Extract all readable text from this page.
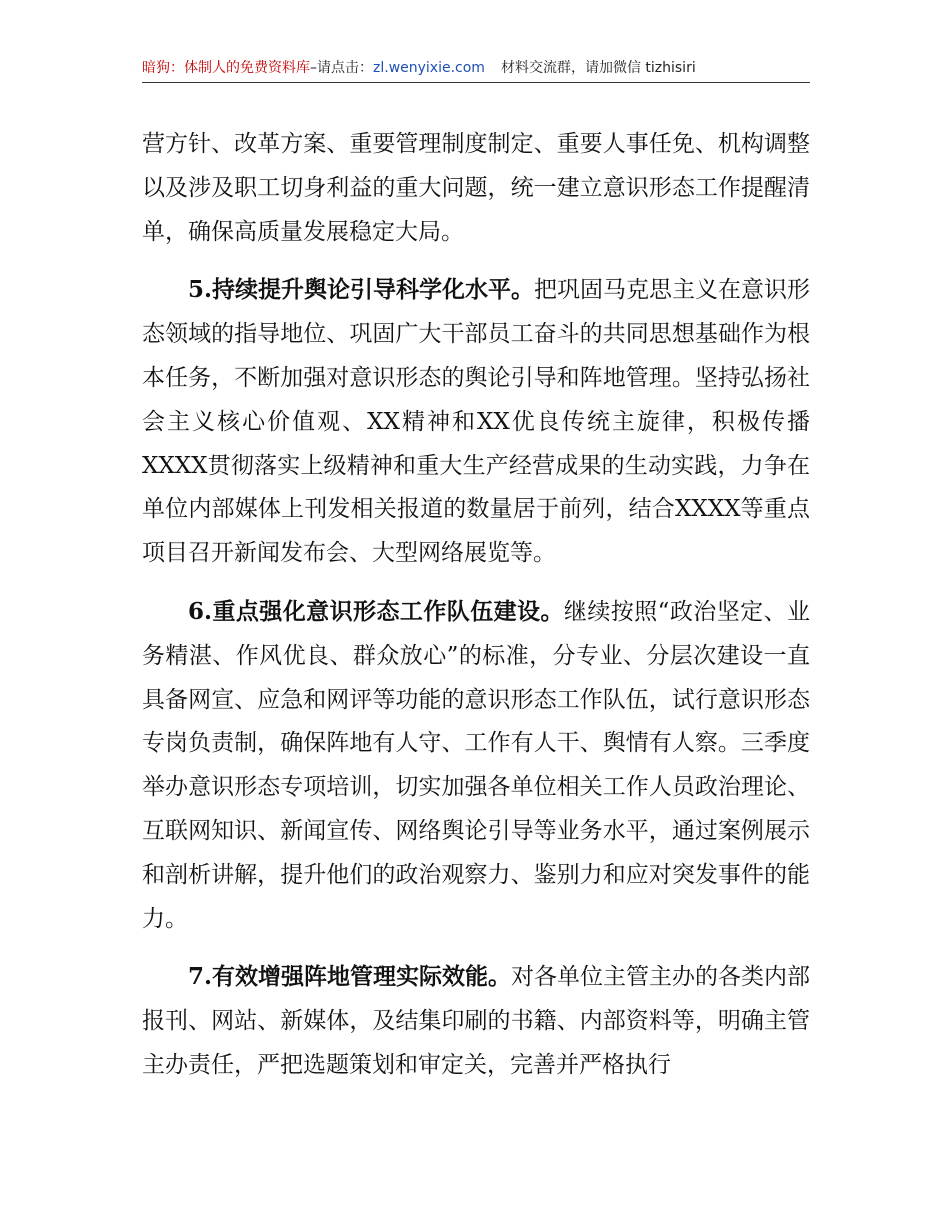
暗狗：体制人的免费资料库–请点击：zl.wenyixie.com 材料交流群，请加微信 tizhisiri

营方针、改革方案、重要管理制度制定、重要人事任免、机构调整以及涉及职工切身利益的重大问题，统一建立意识形态工作提醒清单，确保高质量发展稳定大局。

5.持续提升舆论引导科学化水平。把巩固马克思主义在意识形态领域的指导地位、巩固广大干部员工奋斗的共同思想基础作为根本任务，不断加强对意识形态的舆论引导和阵地管理。坚持弘扬社会主义核心价值观、XX精神和XX优良传统主旋律，积极传播XXXX贯彻落实上级精神和重大生产经营成果的生动实践，力争在单位内部媒体上刊发相关报道的数量居于前列，结合XXXX等重点项目召开新闻发布会、大型网络展览等。

6.重点强化意识形态工作队伍建设。继续按照“政治坚定、业务精湛、作风优良、群众放心”的标准，分专业、分层次建设一直具备网宣、应急和网评等功能的意识形态工作队伍，试行意识形态专岗负责制，确保阵地有人守、工作有人干、舆情有人察。三季度举办意识形态专项培训，切实加强各单位相关工作人员政治理论、互联网知识、新闻宣传、网络舆论引导等业务水平，通过案例展示和剖析讲解，提升他们的政治观察力、鉴别力和应对突发事件的能力。

7.有效增强阵地管理实际效能。对各单位主管主办的各类内部报刊、网站、新媒体，及结集印刷的书籍、内部资料等，明确主管主办责任，严把选题策划和审定关，完善并严格执行
